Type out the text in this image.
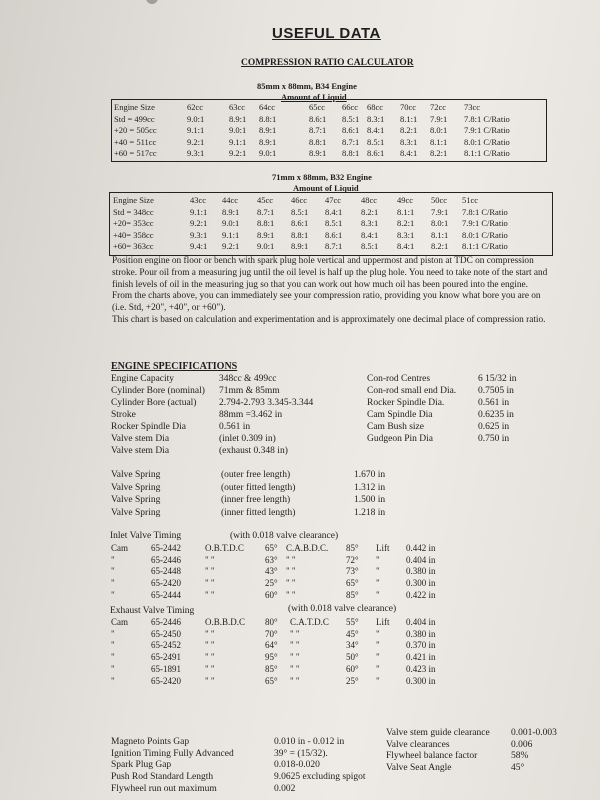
USEFUL DATA
COMPRESSION RATIO CALCULATOR
85mm x 88mm, B34 Engine
Amount of Liquid
Engine Size	62cc	63cc 64cc	65cc 66cc 68cc 70cc 72cc 73cc
Std = 499cc	9.0:1	8.9:1 8.8:1	8.6:1 8.5:1 8.3:1 8.1:1 7.9:1 7.8:1 C/Ratio
+20 = 505cc	9.1:1	9.0:1 8.9:1	8.7:1 8.6:1 8.4:1 8.2:1 8.0:1 7.9:1 C/Ratio
+40 = 511cc	9.2:1	9.1:1 8.9:1	8.8:1 8.7:1 8.5:1 8.3:1 8.1:1 8.0:1 C/Ratio
+60 = 517cc	9.3:1	9.2:1 9.0:1	8.9:1 8.8:1 8.6:1 8.4:1 8.2:1 8.1:1 C/Ratio
71mm x 88mm, B32 Engine
Amount of Liquid
Engine Size	43cc 44cc 45cc 46cc 47cc 48cc 49cc 50cc 51cc
Std = 348cc	9.1:1 8.9:1 8.7:1 8.5:1 8.4:1 8.2:1 8.1:1 7.9:1 7.8:1 C/Ratio
+20= 353cc	9.2:1 9.0:1 8.8:1 8.6:1 8.5:1 8.3:1 8.2:1 8.0:1 7.9:1 C/Ratio
+40= 358cc	9.3:1 9.1:1 8.9:1 8.8:1 8.6:1 8.4:1 8.3:1 8.1:1 8.0:1 C/Ratio
+60= 363cc	9.4:1 9.2:1 9.0:1 8.9:1 8.7:1 8.5:1 8.4:1 8.2:1 8.1:1 C/Ratio

Position engine on floor or bench with spark plug hole vertical and uppermost and piston at TDC on compression stroke. Pour oil from a measuring jug until the oil level is half up the plug hole. You need to take note of the start and finish levels of oil in the measuring jug so that you can work out how much oil has been poured into the engine.

From the charts above, you can immediately see your compression ratio, providing you know what bore you are on (i.e. Std, +20", +40", or +60").

This chart is based on calculation and experimentation and is approximately one decimal place of compression ratio.

ENGINE SPECIFICATIONS
Engine Capacity	348cc & 499cc
Cylinder Bore (nominal) 71mm & 85mm
Cylinder Bore (actual) 2.794-2.793 3.345-3.344
Stroke	88mm =3.462 in
Rocker Spindle Dia	0.561 in
Valve stem Dia	(inlet 0.309 in)
Valve stem Dia	(exhaust 0.348 in)
Con-rod Centres	6 15/32 in
Con-rod small end Dia. 0.7505 in
Rocker Spindle Dia.	0.561 in
Cam Spindle Dia	0.6235 in
Cam Bush size	0.625 in
Gudgeon Pin Dia	0.750 in
Valve Spring	(outer free length)	1.670 in
Valve Spring	(outer fitted length)	1.312 in
Valve Spring	(inner free length)	1.500 in
Valve Spring	(inner fitted length)	1.218 in
Inlet Valve Timing	(with 0.018 valve clearance)
Cam	65-2442	O.B.T.D.C 65° C.A.B.D.C. 85° Lift 0.442 in
"	65-2446	" "	63° " "	72° "	0.404 in
"	65-2448	" "	43° " "	73° "	0.380 in
"	65-2420	" "	25° " "	65° "	0.300 in
"	65-2444	" "	60° " "	85° "	0.422 in
Exhaust Valve Timing	(with 0.018 valve clearance)
Cam	65-2446	O.B.B.D.C 80° C.A.T.D.C 55° Lift 0.404 in
"	65-2450	" "	70° " "	45° "	0.380 in
"	65-2452	" "	64° " "	34° "	0.370 in
"	65-2491	" "	95° " "	50° "	0.421 in
"	65-1891	" "	85° " "	60° "	0.423 in
"	65-2420	" "	65° " "	25° "	0.300 in
Magneto Points Gap	0.010 in - 0.012 in
Ignition Timing Fully Advanced	39° = (15/32).
Spark Plug Gap	0.018-0.020
Push Rod Standard Length	9.0625 excluding spigot
Flywheel run out maximum	0.002
Valve stem guide clearance 0.001-0.003
Valve clearances	0.006
Flywheel balance factor	58%
Valve Seat Angle	45°
